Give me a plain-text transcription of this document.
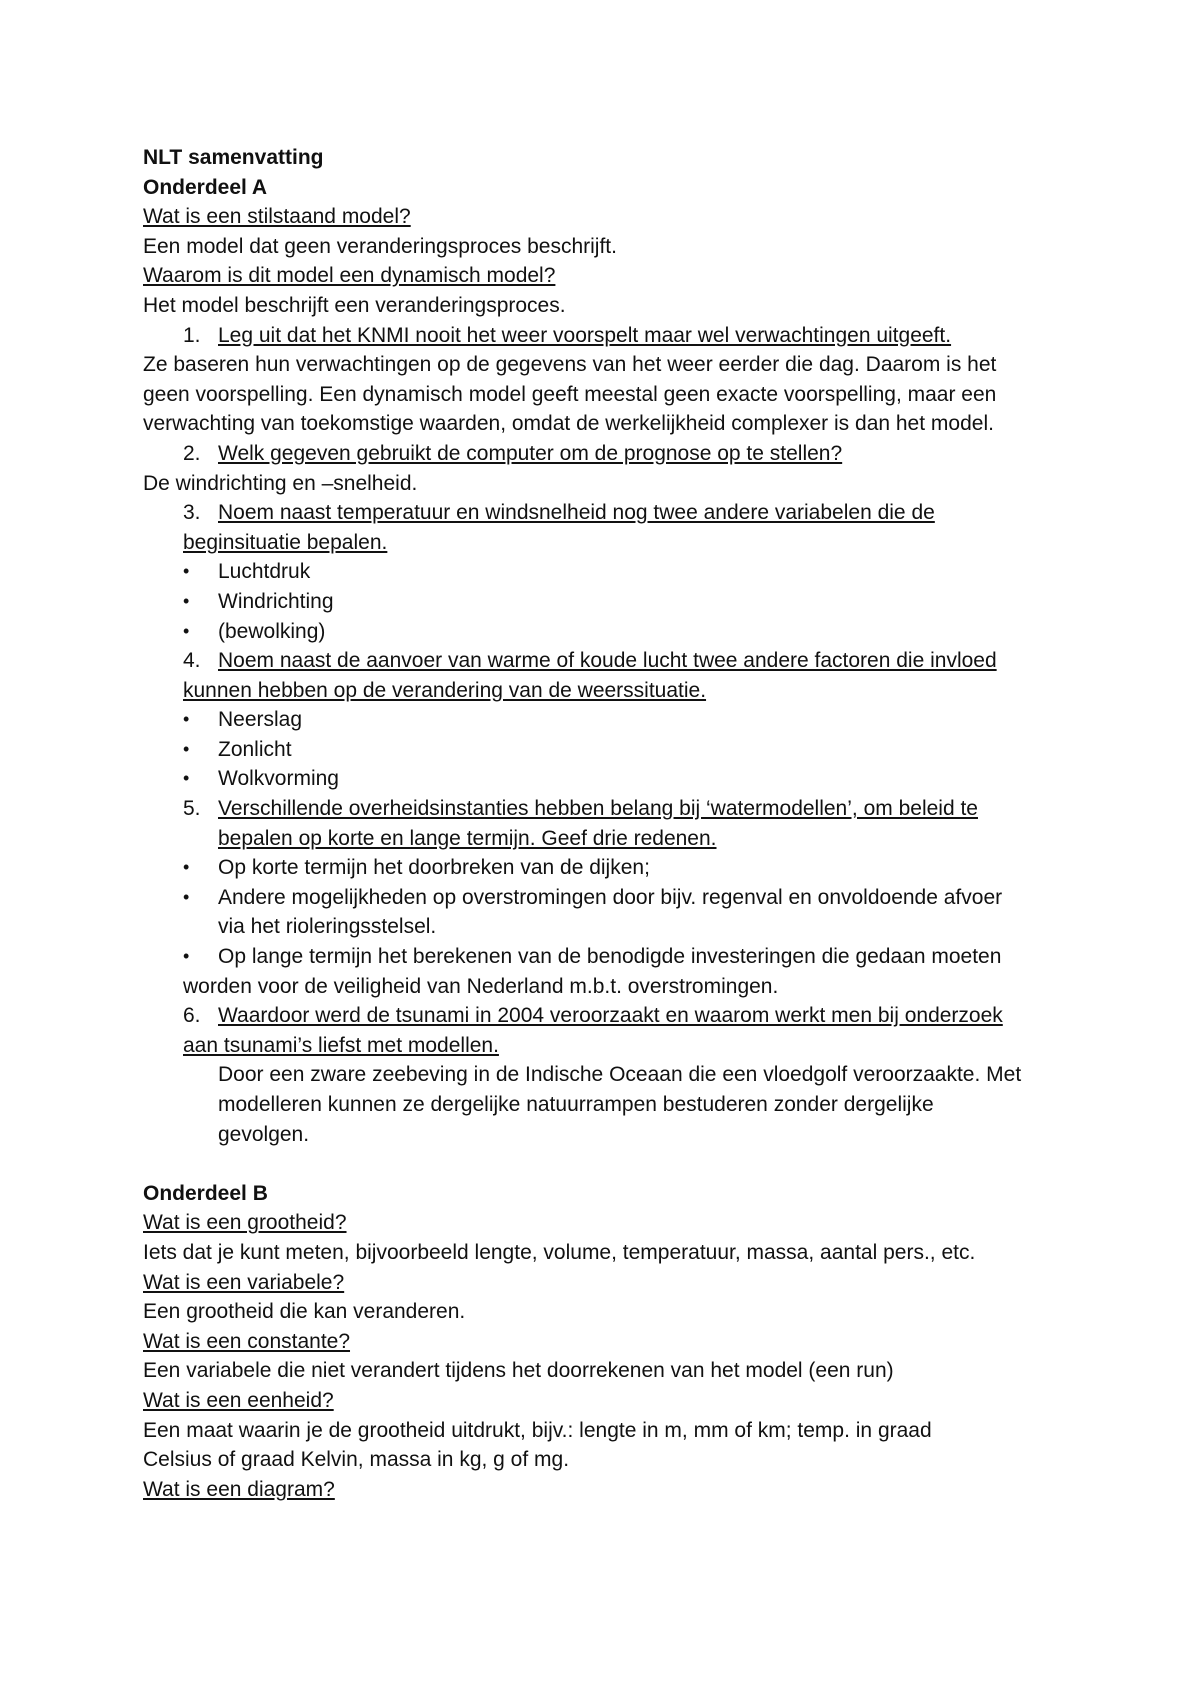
NLT samenvatting

Onderdeel A

Wat is een stilstaand model?

Een model dat geen veranderingsproces beschrijft.

Waarom is dit model een dynamisch model?

Het model beschrijft een veranderingsproces.

1. Leg uit dat het KNMI nooit het weer voorspelt maar wel verwachtingen uitgeeft.

Ze baseren hun verwachtingen op de gegevens van het weer eerder die dag. Daarom is het

geen voorspelling. Een dynamisch model geeft meestal geen exacte voorspelling, maar een

verwachting van toekomstige waarden, omdat de werkelijkheid complexer is dan het model.

2. Welk gegeven gebruikt de computer om de prognose op te stellen?

De windrichting en –snelheid.

3. Noem naast temperatuur en windsnelheid nog twee andere variabelen die de

beginsituatie bepalen.

• Luchtdruk

• Windrichting

• (bewolking)

4. Noem naast de aanvoer van warme of koude lucht twee andere factoren die invloed

kunnen hebben op de verandering van de weerssituatie.

• Neerslag

• Zonlicht

• Wolkvorming

5. Verschillende overheidsinstanties hebben belang bij ‘watermodellen’, om beleid te

bepalen op korte en lange termijn. Geef drie redenen.

• Op korte termijn het doorbreken van de dijken;

• Andere mogelijkheden op overstromingen door bijv. regenval en onvoldoende afvoer

via het rioleringsstelsel.

• Op lange termijn het berekenen van de benodigde investeringen die gedaan moeten

worden voor de veiligheid van Nederland m.b.t. overstromingen.

6. Waardoor werd de tsunami in 2004 veroorzaakt en waarom werkt men bij onderzoek

aan tsunami’s liefst met modellen.

Door een zware zeebeving in de Indische Oceaan die een vloedgolf veroorzaakte. Met

modelleren kunnen ze dergelijke natuurrampen bestuderen zonder dergelijke

gevolgen.

Onderdeel B

Wat is een grootheid?

Iets dat je kunt meten, bijvoorbeeld lengte, volume, temperatuur, massa, aantal pers., etc.

Wat is een variabele?

Een grootheid die kan veranderen.

Wat is een constante?

Een variabele die niet verandert tijdens het doorrekenen van het model (een run)

Wat is een eenheid?

Een maat waarin je de grootheid uitdrukt, bijv.: lengte in m, mm of km; temp. in graad

Celsius of graad Kelvin, massa in kg, g of mg.

Wat is een diagram?
